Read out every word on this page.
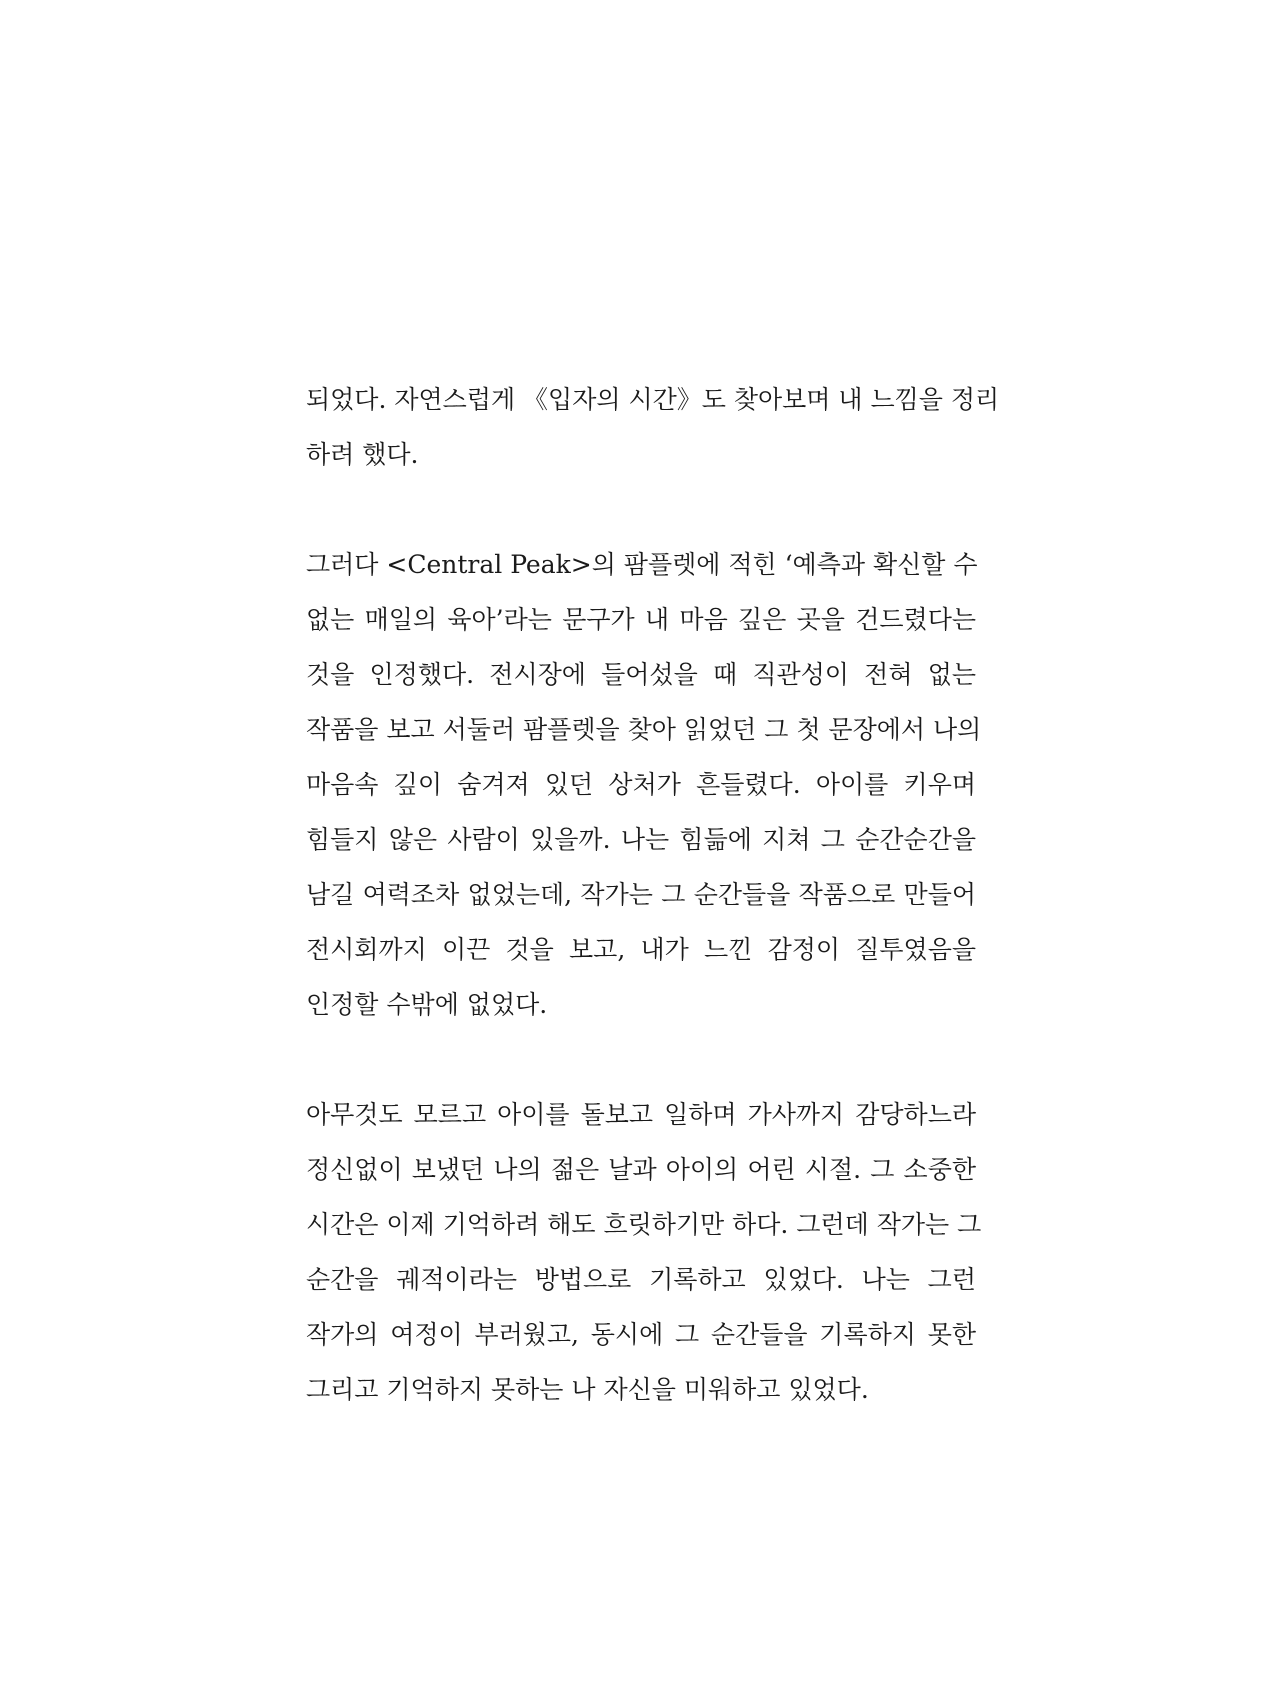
되었다. 자연스럽게 《입자의 시간》도 찾아보며 내 느낌을 정리
하려 했다.

그러다 <Central Peak>의 팜플렛에 적힌 ‘예측과 확신할 수
없는 매일의 육아’라는 문구가 내 마음 깊은 곳을 건드렸다는
것을 인정했다. 전시장에 들어섰을 때 직관성이 전혀 없는
작품을 보고 서둘러 팜플렛을 찾아 읽었던 그 첫 문장에서 나의
마음속 깊이 숨겨져 있던 상처가 흔들렸다. 아이를 키우며
힘들지 않은 사람이 있을까. 나는 힘듦에 지쳐 그 순간순간을
남길 여력조차 없었는데, 작가는 그 순간들을 작품으로 만들어
전시회까지 이끈 것을 보고, 내가 느낀 감정이 질투였음을
인정할 수밖에 없었다.

아무것도 모르고 아이를 돌보고 일하며 가사까지 감당하느라
정신없이 보냈던 나의 젊은 날과 아이의 어린 시절. 그 소중한
시간은 이제 기억하려 해도 흐릿하기만 하다. 그런데 작가는 그
순간을 궤적이라는 방법으로 기록하고 있었다. 나는 그런
작가의 여정이 부러웠고, 동시에 그 순간들을 기록하지 못한
그리고 기억하지 못하는 나 자신을 미워하고 있었다.
